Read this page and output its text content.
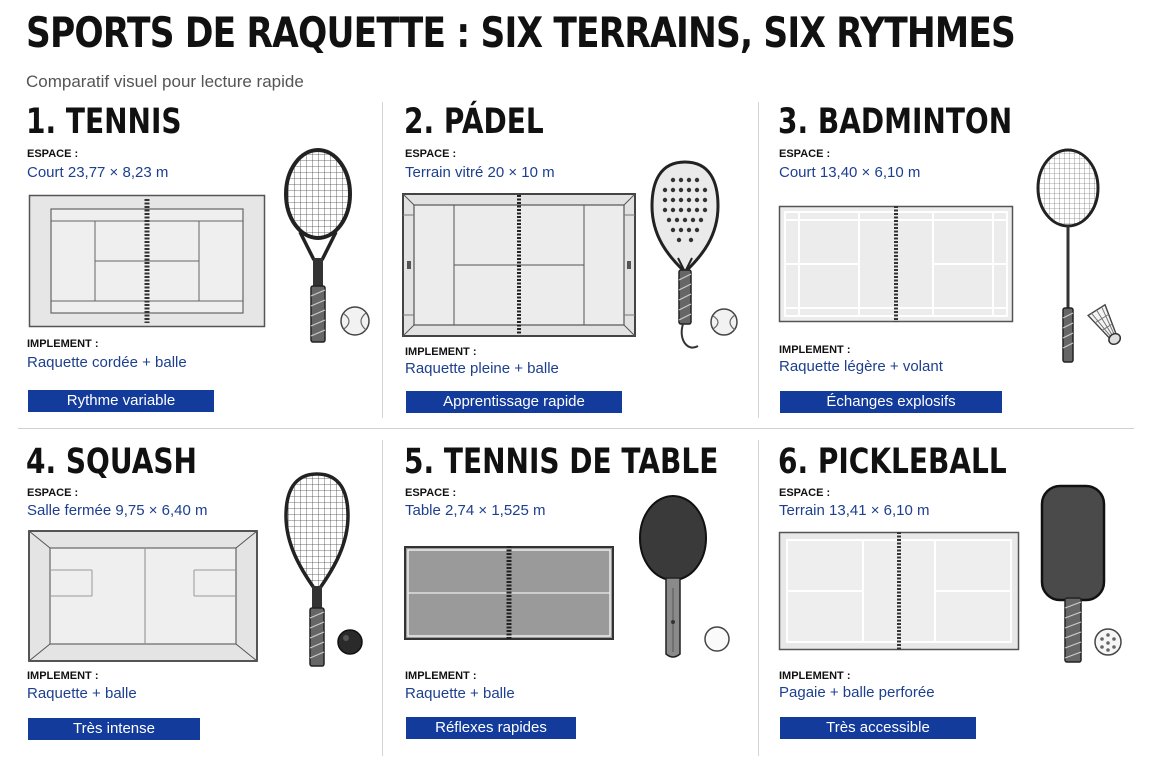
SPORTS DE RAQUETTE : SIX TERRAINS, SIX RYTHMES
Comparatif visuel pour lecture rapide
1. TENNIS
ESPACE :
Court 23,77 × 8,23 m
IMPLEMENT :
Raquette cordée + balle
Rythme variable
2. PÁDEL
ESPACE :
Terrain vitré 20 × 10 m
IMPLEMENT :
Raquette pleine + balle
Apprentissage rapide
3. BADMINTON
ESPACE :
Court 13,40 × 6,10 m
IMPLEMENT :
Raquette légère + volant
Échanges explosifs
4. SQUASH
ESPACE :
Salle fermée 9,75 × 6,40 m
IMPLEMENT :
Raquette + balle
Très intense
5. TENNIS DE TABLE
ESPACE :
Table 2,74 × 1,525 m
IMPLEMENT :
Raquette + balle
Réflexes rapides
6. PICKLEBALL
ESPACE :
Terrain 13,41 × 6,10 m
IMPLEMENT :
Pagaie + balle perforée
Très accessible
